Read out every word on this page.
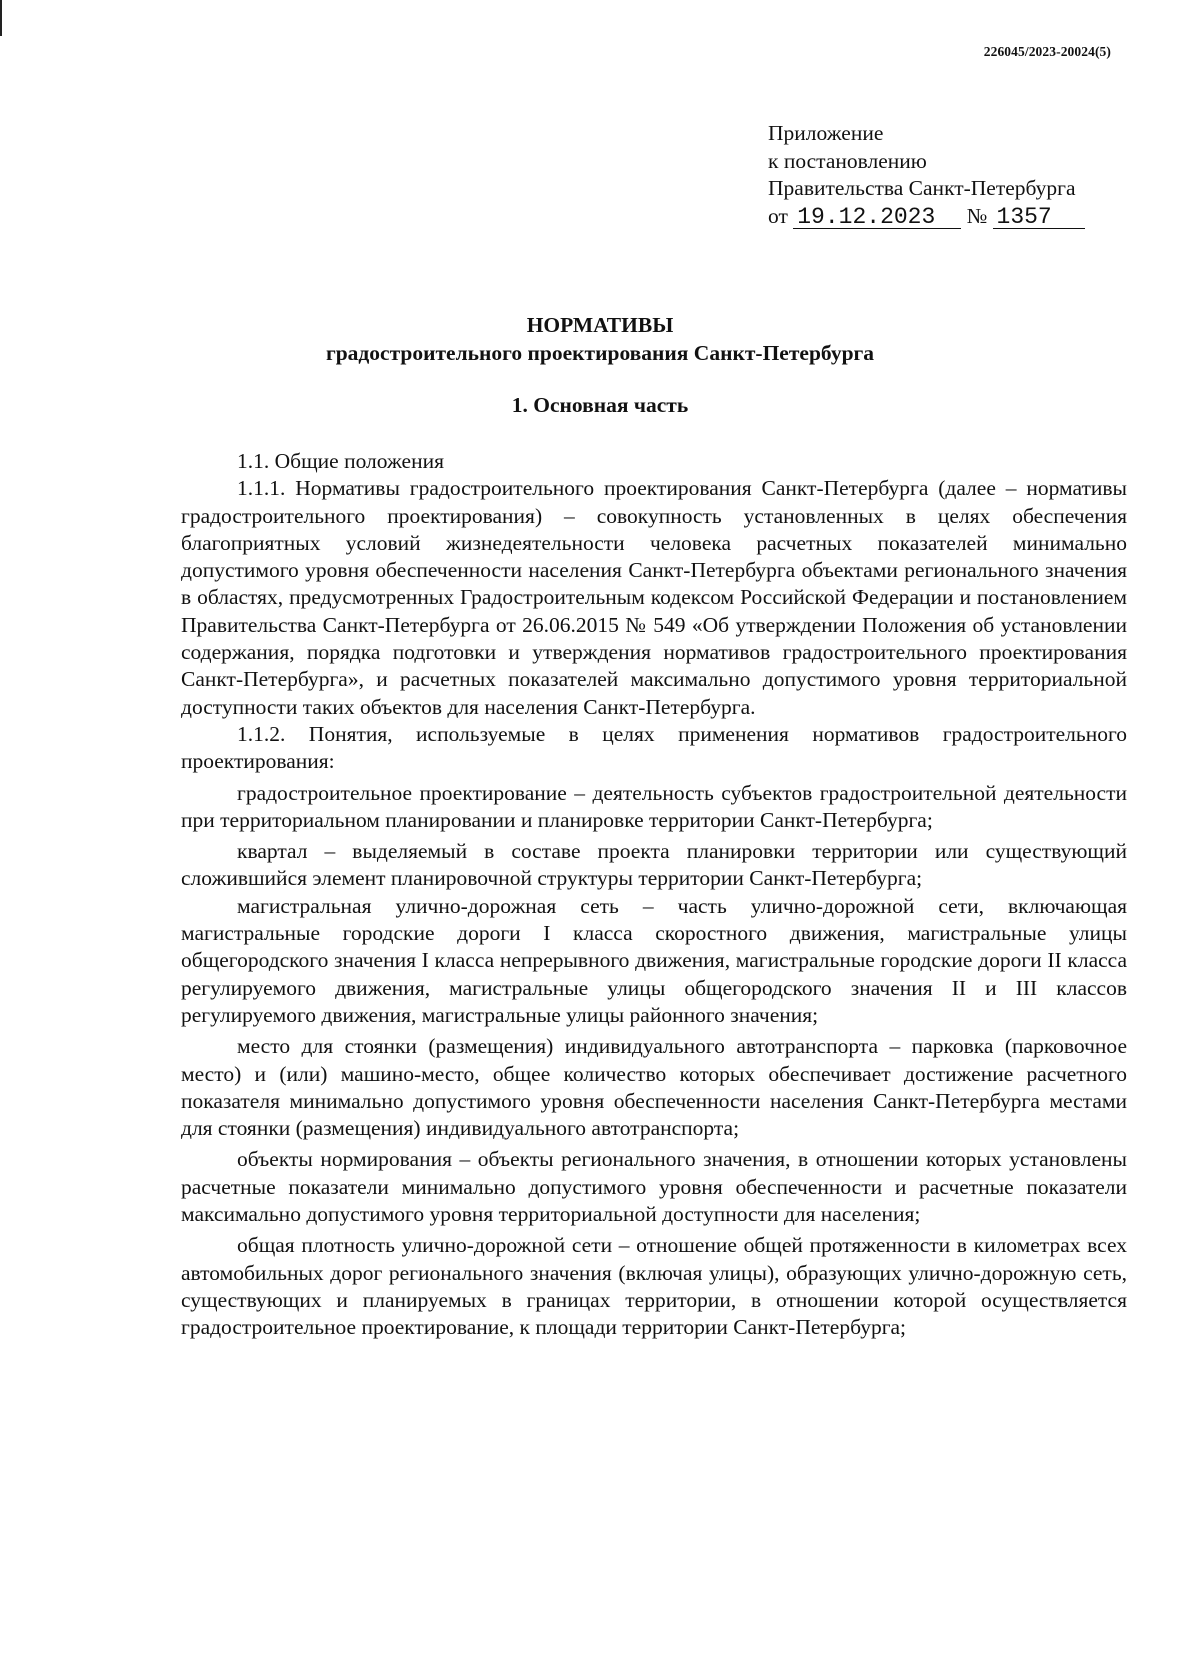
226045/2023-20024(5)
Приложение
к постановлению
Правительства Санкт-Петербурга
от 19.12.2023 № 1357
НОРМАТИВЫ
градостроительного проектирования Санкт-Петербурга
1. Основная часть

1.1. Общие положения

1.1.1. Нормативы градостроительного проектирования Санкт-Петербурга (далее – нормативы градостроительного проектирования) – совокупность установленных в целях обеспечения благоприятных условий жизнедеятельности человека расчетных показателей минимально допустимого уровня обеспеченности населения Санкт-Петербурга объектами регионального значения в областях, предусмотренных Градостроительным кодексом Российской Федерации и постановлением Правительства Санкт-Петербурга от 26.06.2015 № 549 «Об утверждении Положения об установлении содержания, порядка подготовки и утверждения нормативов градостроительного проектирования Санкт-Петербурга», и расчетных показателей максимально допустимого уровня территориальной доступности таких объектов для населения Санкт-Петербурга.

1.1.2. Понятия, используемые в целях применения нормативов градостроительного проектирования:

градостроительное проектирование – деятельность субъектов градостроительной деятельности при территориальном планировании и планировке территории Санкт-Петербурга;

квартал – выделяемый в составе проекта планировки территории или существующий сложившийся элемент планировочной структуры территории Санкт-Петербурга;

магистральная улично-дорожная сеть – часть улично-дорожной сети, включающая магистральные городские дороги I класса скоростного движения, магистральные улицы общегородского значения I класса непрерывного движения, магистральные городские дороги II класса регулируемого движения, магистральные улицы общегородского значения II и III классов регулируемого движения, магистральные улицы районного значения;

место для стоянки (размещения) индивидуального автотранспорта – парковка (парковочное место) и (или) машино-место, общее количество которых обеспечивает достижение расчетного показателя минимально допустимого уровня обеспеченности населения Санкт-Петербурга местами для стоянки (размещения) индивидуального автотранспорта;

объекты нормирования – объекты регионального значения, в отношении которых установлены расчетные показатели минимально допустимого уровня обеспеченности и расчетные показатели максимально допустимого уровня территориальной доступности для населения;

общая плотность улично-дорожной сети – отношение общей протяженности в километрах всех автомобильных дорог регионального значения (включая улицы), образующих улично-дорожную сеть, существующих и планируемых в границах территории, в отношении которой осуществляется градостроительное проектирование, к площади территории Санкт-Петербурга;
